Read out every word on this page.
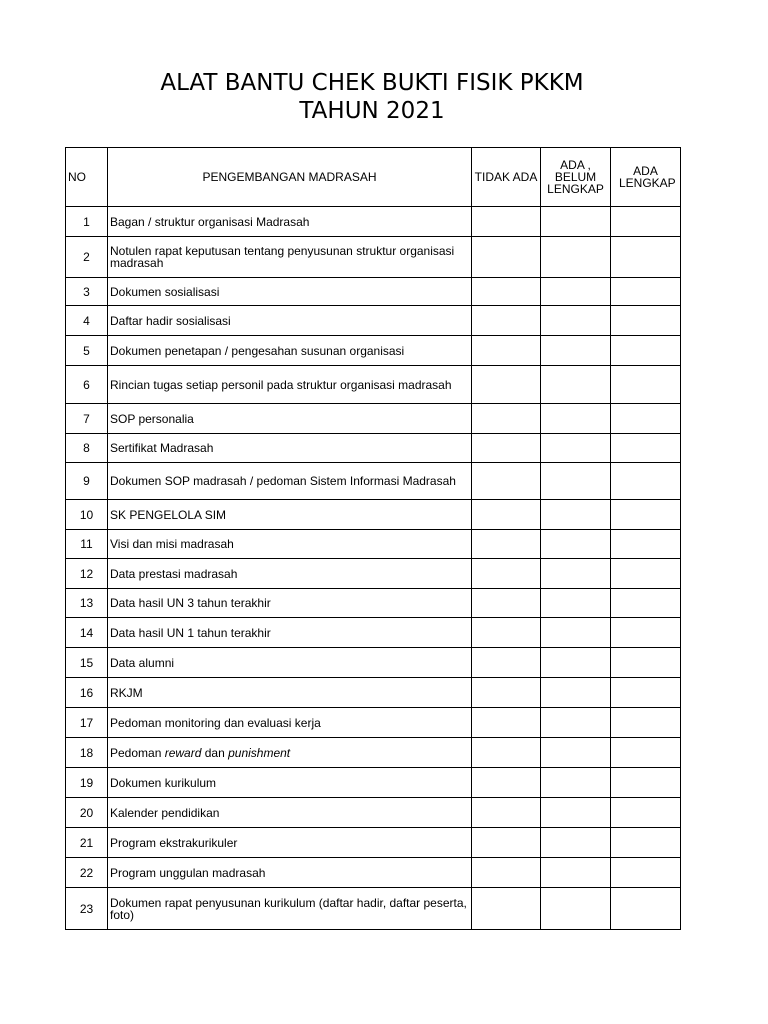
ALAT BANTU CHEK BUKTI FISIK PKKM
TAHUN 2021
NO	PENGEMBANGAN MADRASAH	TIDAK ADA	ADA , BELUM LENGKAP	ADA LENGKAP
1	Bagan / struktur organisasi Madrasah			
2	Notulen rapat keputusan tentang penyusunan struktur organisasi madrasah			
3	Dokumen sosialisasi			
4	Daftar hadir sosialisasi			
5	Dokumen penetapan / pengesahan susunan organisasi			
6	Rincian tugas setiap personil pada struktur organisasi madrasah			
7	SOP personalia			
8	Sertifikat Madrasah			
9	Dokumen SOP madrasah / pedoman Sistem Informasi Madrasah			
10	SK PENGELOLA SIM			
11	Visi dan misi madrasah			
12	Data prestasi madrasah			
13	Data hasil UN 3 tahun terakhir			
14	Data hasil UN 1 tahun terakhir			
15	Data alumni			
16	RKJM			
17	Pedoman monitoring dan evaluasi kerja			
18	Pedoman reward dan punishment			
19	Dokumen kurikulum			
20	Kalender pendidikan			
21	Program ekstrakurikuler			
22	Program unggulan madrasah			
23	Dokumen rapat penyusunan kurikulum (daftar hadir, daftar peserta, foto)			
